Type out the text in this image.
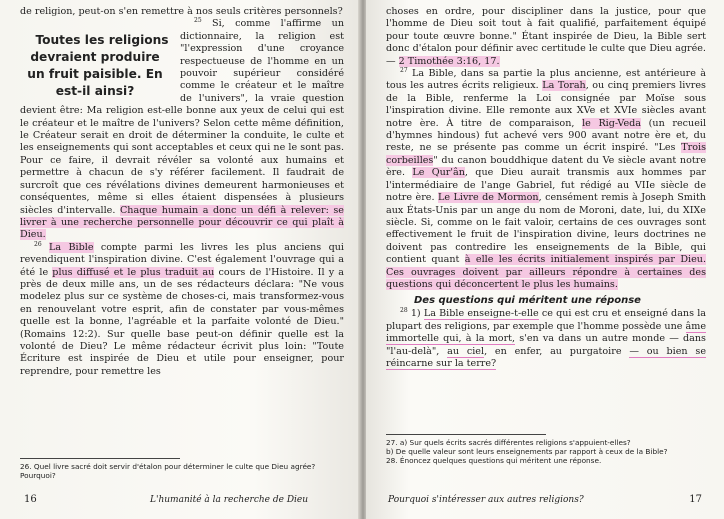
de religion, peut-on s'en remettre à nos seuls critères personnels?

$^{25}$
Toutes les religions devraient produire un fruit paisible. En est-il ainsi?
Si, comme l'affirme un dictionnaire, la religion est "l'expression d'une croyance respectueuse de l'homme en un pouvoir supérieur considéré comme le créateur et le maître de l'univers", la vraie question devient être: Ma religion est-elle bonne aux yeux de celui qui est le créateur et le maître de l'univers? Selon cette même définition, le Créateur serait en droit de déterminer la conduite, le culte et les enseignements qui sont acceptables et ceux qui ne le sont pas. Pour ce faire, il devrait révéler sa volonté aux humains et permettre à chacun de s'y référer facilement. Il faudrait de surcroît que ces révélations divines demeurent harmonieuses et conséquentes, même si elles étaient dispensées à plusieurs siècles d'intervalle. Chaque humain a donc un défi à relever: se livrer à une recherche personnelle pour découvrir ce qui plaît à Dieu.

$^{26}$ La Bible compte parmi les livres les plus anciens qui revendiquent l'inspiration divine. C'est également l'ouvrage qui a été le plus diffusé et le plus traduit au cours de l'Histoire. Il y a près de deux mille ans, un de ses rédacteurs déclara: "Ne vous modelez plus sur ce système de choses-ci, mais transformez-vous en renouvelant votre esprit, afin de constater par vous-mêmes quelle est la bonne, l'agréable et la parfaite volonté de Dieu." (Romains 12:2). Sur quelle base peut-on définir quelle est la volonté de Dieu? Le même rédacteur écrivit plus loin: "Toute Écriture est inspirée de Dieu et utile pour enseigner, pour reprendre, pour remettre les

26. Quel livre sacré doit servir d'étalon pour déterminer le culte que Dieu agrée? Pourquoi?

16	L'humanité à la recherche de Dieu

choses en ordre, pour discipliner dans la justice, pour que l'homme de Dieu soit tout à fait qualifié, parfaitement équipé pour toute œuvre bonne." Étant inspirée de Dieu, la Bible sert donc d'étalon pour définir avec certitude le culte que Dieu agrée. — 2 Timothée 3:16, 17.

$^{27}$ La Bible, dans sa partie la plus ancienne, est antérieure à tous les autres écrits religieux. La Torah, ou cinq premiers livres de la Bible, renferme la Loi consignée par Moïse sous l'inspiration divine. Elle remonte aux XVe et XVIe siècles avant notre ère. À titre de comparaison, le Rig-Veda (un recueil d'hymnes hindous) fut achevé vers 900 avant notre ère et, du reste, ne se présente pas comme un écrit inspiré. "Les Trois corbeilles" du canon bouddhique datent du Ve siècle avant notre ère. Le Qur'ân, que Dieu aurait transmis aux hommes par l'intermédiaire de l'ange Gabriel, fut rédigé au VIIe siècle de notre ère. Le Livre de Mormon, censément remis à Joseph Smith aux États-Unis par un ange du nom de Moroni, date, lui, du XIXe siècle. Si, comme on le fait valoir, certains de ces ouvrages sont effectivement le fruit de l'inspiration divine, leurs doctrines ne doivent pas contredire les enseignements de la Bible, qui contient quant à elle les écrits initialement inspirés par Dieu. Ces ouvrages doivent par ailleurs répondre à certaines des questions qui déconcertent le plus les humains.

Des questions qui méritent une réponse

$^{28}$ 1) La Bible enseigne-t-elle ce qui est cru et enseigné dans la plupart des religions, par exemple que l'homme possède une âme immortelle qui, à la mort, s'en va dans un autre monde — dans "l'au-delà", au ciel, en enfer, au purgatoire — ou bien se réincarne sur la terre?

27. a) Sur quels écrits sacrés différentes religions s'appuient-elles?

b) De quelle valeur sont leurs enseignements par rapport à ceux de la Bible?

28. Énoncez quelques questions qui méritent une réponse.

Pourquoi s'intéresser aux autres religions?	17
